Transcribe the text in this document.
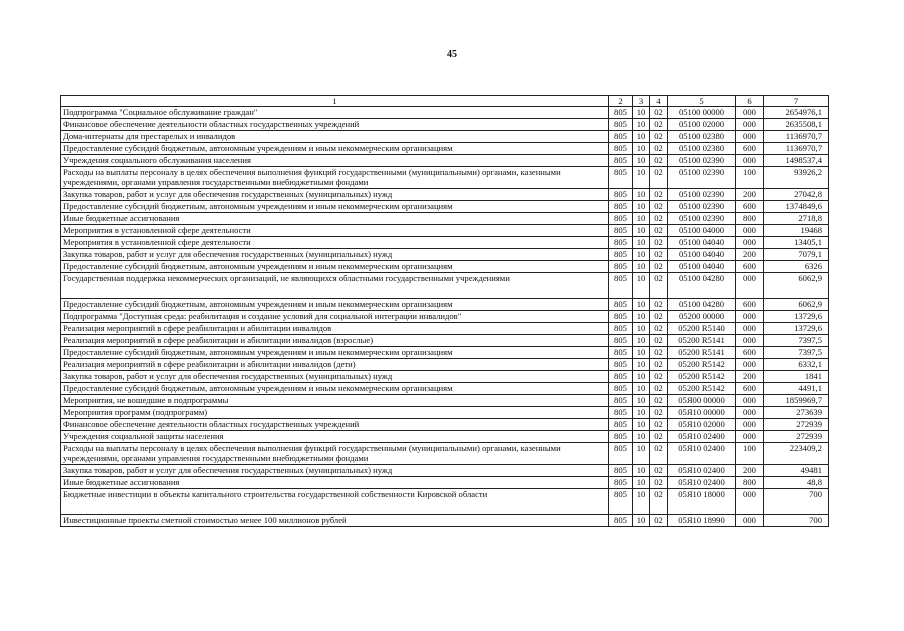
45
1	2	3	4	5	6	7
Подпрограмма "Социальное обслуживание граждан"	805	10	02	05100 00000	000	2654976,1
Финансовое обеспечение деятельности областных государственных учреждений	805	10	02	05100 02000	000	2635508,1
Дома-интернаты для престарелых и инвалидов	805	10	02	05100 02380	000	1136970,7
Предоставление субсидий бюджетным, автономным учреждениям и иным некоммерческим организациям	805	10	02	05100 02380	600	1136970,7
Учреждения социального обслуживания населения	805	10	02	05100 02390	000	1498537,4
Расходы на выплаты персоналу в целях обеспечения выполнения функций государственными (муниципальными) органами, казенными учреждениями, органами управления государственными внебюджетными фондами	805	10	02	05100 02390	100	93926,2
Закупка товаров, работ и услуг для обеспечения государственных (муниципальных) нужд	805	10	02	05100 02390	200	27042,8
Предоставление субсидий бюджетным, автономным учреждениям и иным некоммерческим организациям	805	10	02	05100 02390	600	1374849,6
Иные бюджетные ассигнования	805	10	02	05100 02390	800	2718,8
Мероприятия в установленной сфере деятельности	805	10	02	05100 04000	000	19468
Мероприятия в установленной сфере деятельности	805	10	02	05100 04040	000	13405,1
Закупка товаров, работ и услуг для обеспечения государственных (муниципальных) нужд	805	10	02	05100 04040	200	7079,1
Предоставление субсидий бюджетным, автономным учреждениям и иным некоммерческим организациям	805	10	02	05100 04040	600	6326
Государственная поддержка некоммерческих организаций, не являющихся областными государственными учреждениями	805	10	02	05100 04280	000	6062,9
Предоставление субсидий бюджетным, автономным учреждениям и иным некоммерческим организациям	805	10	02	05100 04280	600	6062,9
Подпрограмма "Доступная среда: реабилитация и создание условий для социальной интеграции инвалидов"	805	10	02	05200 00000	000	13729,6
Реализация мероприятий в сфере реабилитации и абилитации инвалидов	805	10	02	05200 R5140	000	13729,6
Реализация мероприятий в сфере реабилитации и абилитации инвалидов (взрослые)	805	10	02	05200 R5141	000	7397,5
Предоставление субсидий бюджетным, автономным учреждениям и иным некоммерческим организациям	805	10	02	05200 R5141	600	7397,5
Реализация мероприятий в сфере реабилитации и абилитации инвалидов (дети)	805	10	02	05200 R5142	000	6332,1
Закупка товаров, работ и услуг для обеспечения государственных (муниципальных) нужд	805	10	02	05200 R5142	200	1841
Предоставление субсидий бюджетным, автономным учреждениям и иным некоммерческим организациям	805	10	02	05200 R5142	600	4491,1
Мероприятия, не вошедшие в подпрограммы	805	10	02	05Я00 00000	000	1859969,7
Мероприятия программ (подпрограмм)	805	10	02	05Я10 00000	000	273639
Финансовое обеспечение деятельности областных государственных учреждений	805	10	02	05Я10 02000	000	272939
Учреждения социальной защиты населения	805	10	02	05Я10 02400	000	272939
Расходы на выплаты персоналу в целях обеспечения выполнения функций государственными (муниципальными) органами, казенными учреждениями, органами управления государственными внебюджетными фондами	805	10	02	05Я10 02400	100	223409,2
Закупка товаров, работ и услуг для обеспечения государственных (муниципальных) нужд	805	10	02	05Я10 02400	200	49481
Иные бюджетные ассигнования	805	10	02	05Я10 02400	800	48,8
Бюджетные инвестиции в объекты капитального строительства государственной собственности Кировской области	805	10	02	05Я10 18000	000	700
Инвестиционные проекты сметной стоимостью менее 100 миллионов рублей	805	10	02	05Я10 18990	000	700
